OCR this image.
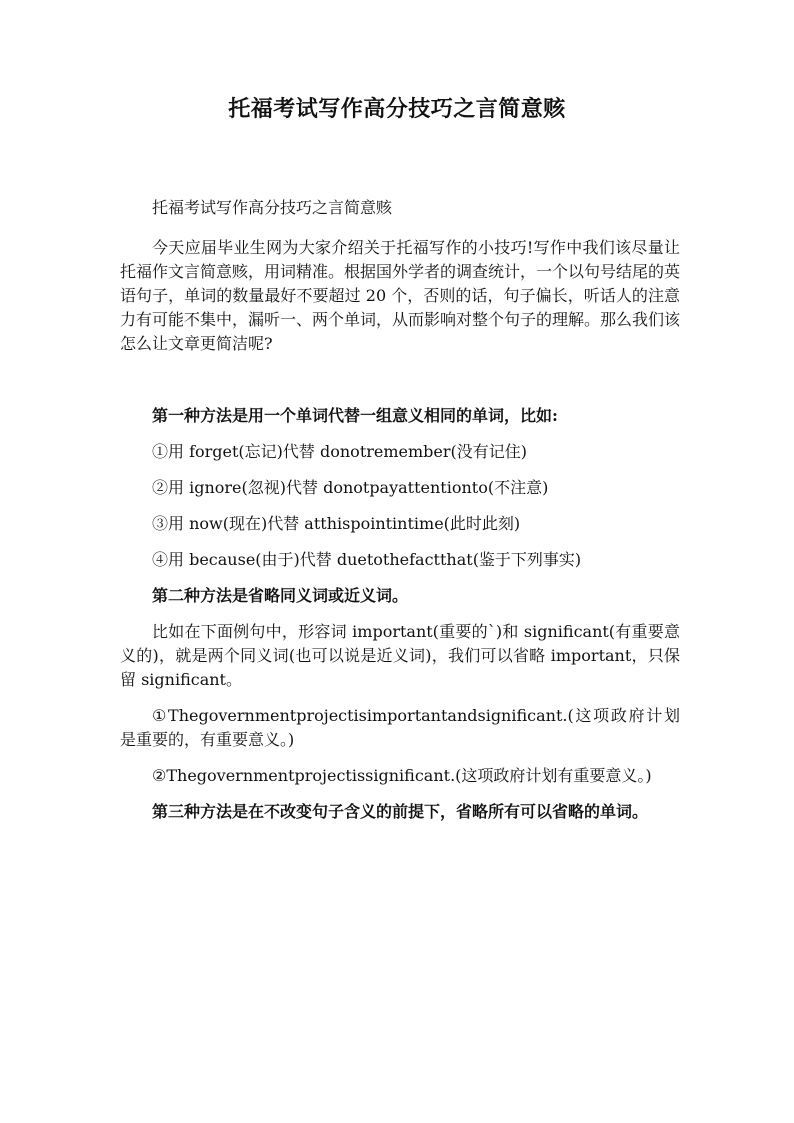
托福考试写作高分技巧之言简意赅

托福考试写作高分技巧之言简意赅

今天应届毕业生网为大家介绍关于托福写作的小技巧!写作中我们该尽量让托福作文言简意赅，用词精准。根据国外学者的调查统计，一个以句号结尾的英语句子，单词的数量最好不要超过 20 个，否则的话，句子偏长，听话人的注意力有可能不集中，漏听一、两个单词，从而影响对整个句子的理解。那么我们该怎么让文章更简洁呢?

第一种方法是用一个单词代替一组意义相同的单词，比如:

①用 forget(忘记)代替 donotremember(没有记住)

②用 ignore(忽视)代替 donotpayattentionto(不注意)

③用 now(现在)代替 atthispointintime(此时此刻)

④用 because(由于)代替 duetothefactthat(鉴于下列事实)

第二种方法是省略同义词或近义词。

比如在下面例句中，形容词 important(重要的`)和 significant(有重要意义的)，就是两个同义词(也可以说是近义词)，我们可以省略 important，只保留 significant。

①Thegovernmentprojectisimportantandsignificant.(这项政府计划是重要的，有重要意义。)

②Thegovernmentprojectissignificant.(这项政府计划有重要意义。)

第三种方法是在不改变句子含义的前提下，省略所有可以省略的单词。
